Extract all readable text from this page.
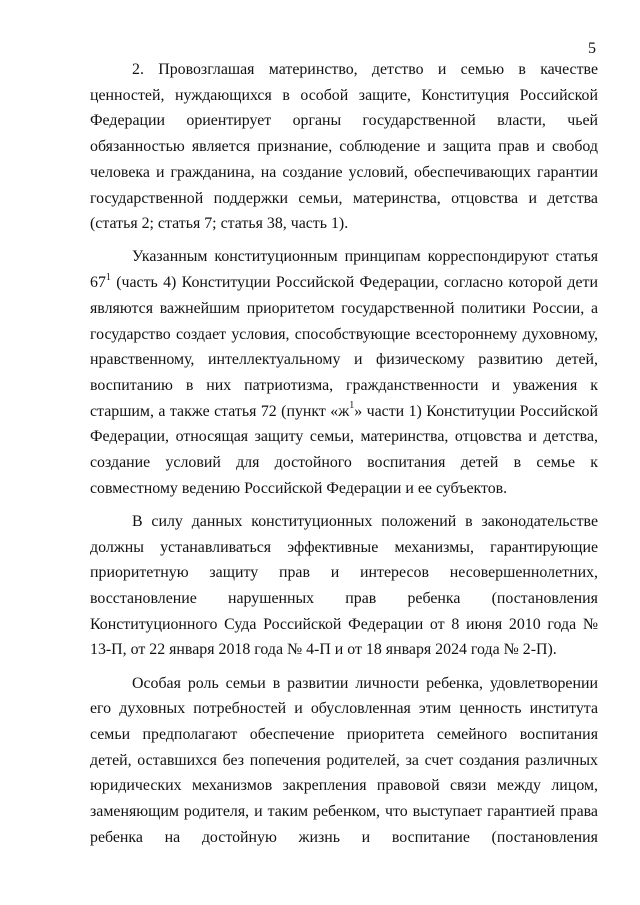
5

2. Провозглашая материнство, детство и семью в качестве ценностей, нуждающихся в особой защите, Конституция Российской Федерации ориентирует органы государственной власти, чьей обязанностью является признание, соблюдение и защита прав и свобод человека и гражданина, на создание условий, обеспечивающих гарантии государственной поддержки семьи, материнства, отцовства и детства (статья 2; статья 7; статья 38, часть 1).

Указанным конституционным принципам корреспондируют статья $67^1$ (часть 4) Конституции Российской Федерации, согласно которой дети являются важнейшим приоритетом государственной политики России, а государство создает условия, способствующие всестороннему духовному, нравственному, интеллектуальному и физическому развитию детей, воспитанию в них патриотизма, гражданственности и уважения к старшим, а также статья 72 (пункт «$ж^1$» части 1) Конституции Российской Федерации, относящая защиту семьи, материнства, отцовства и детства, создание условий для достойного воспитания детей в семье к совместному ведению Российской Федерации и ее субъектов.

В силу данных конституционных положений в законодательстве должны устанавливаться эффективные механизмы, гарантирующие приоритетную защиту прав и интересов несовершеннолетних, восстановление нарушенных прав ребенка (постановления Конституционного Суда Российской Федерации от 8 июня 2010 года № 13-П, от 22 января 2018 года № 4-П и от 18 января 2024 года № 2-П).

Особая роль семьи в развитии личности ребенка, удовлетворении его духовных потребностей и обусловленная этим ценность института семьи предполагают обеспечение приоритета семейного воспитания детей, оставшихся без попечения родителей, за счет создания различных юридических механизмов закрепления правовой связи между лицом, заменяющим родителя, и таким ребенком, что выступает гарантией права ребенка на достойную жизнь и воспитание (постановления
